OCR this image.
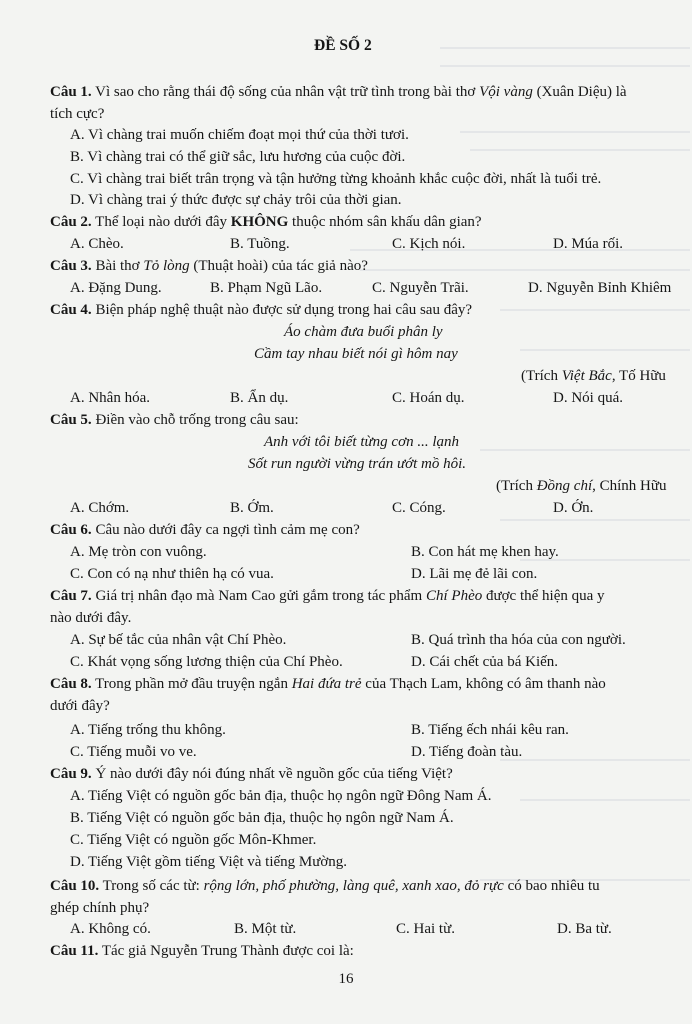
ĐỀ SỐ 2
Câu 1. Vì sao cho rằng thái độ sống của nhân vật trữ tình trong bài thơ Vội vàng (Xuân Diệu) là
tích cực?
A. Vì chàng trai muốn chiếm đoạt mọi thứ của thời tươi.
B. Vì chàng trai có thể giữ sắc, lưu hương của cuộc đời.
C. Vì chàng trai biết trân trọng và tận hưởng từng khoảnh khắc cuộc đời, nhất là tuổi trẻ.
D. Vì chàng trai ý thức được sự chảy trôi của thời gian.
Câu 2. Thể loại nào dưới đây KHÔNG thuộc nhóm sân khấu dân gian?
A. Chèo.	B. Tuồng.	C. Kịch nói.	D. Múa rối.
Câu 3. Bài thơ Tỏ lòng (Thuật hoài) của tác giả nào?
A. Đặng Dung.	B. Phạm Ngũ Lão.	C. Nguyễn Trãi.	D. Nguyễn Bỉnh Khiêm
Câu 4. Biện pháp nghệ thuật nào được sử dụng trong hai câu sau đây?
Áo chàm đưa buổi phân ly
Cầm tay nhau biết nói gì hôm nay
(Trích Việt Bắc, Tố Hữu
A. Nhân hóa.	B. Ẩn dụ.	C. Hoán dụ.	D. Nói quá.
Câu 5. Điền vào chỗ trống trong câu sau:
Anh với tôi biết từng cơn ... lạnh
Sốt run người vừng trán ướt mồ hôi.
(Trích Đồng chí, Chính Hữu
A. Chớm.	B. Ớm.	C. Cóng.	D. Ớn.
Câu 6. Câu nào dưới đây ca ngợi tình cảm mẹ con?
A. Mẹ tròn con vuông.	B. Con hát mẹ khen hay.
C. Con có nạ như thiên hạ có vua.	D. Lãi mẹ đẻ lãi con.
Câu 7. Giá trị nhân đạo mà Nam Cao gửi gắm trong tác phẩm Chí Phèo được thể hiện qua y
nào dưới đây.
A. Sự bế tắc của nhân vật Chí Phèo.	B. Quá trình tha hóa của con người.
C. Khát vọng sống lương thiện của Chí Phèo.	D. Cái chết của bá Kiến.
Câu 8. Trong phần mở đầu truyện ngắn Hai đứa trẻ của Thạch Lam, không có âm thanh nào
dưới đây?
A. Tiếng trống thu không.	B. Tiếng ếch nhái kêu ran.
C. Tiếng muỗi vo ve.	D. Tiếng đoàn tàu.
Câu 9. Ý nào dưới đây nói đúng nhất về nguồn gốc của tiếng Việt?
A. Tiếng Việt có nguồn gốc bản địa, thuộc họ ngôn ngữ Đông Nam Á.
B. Tiếng Việt có nguồn gốc bản địa, thuộc họ ngôn ngữ Nam Á.
C. Tiếng Việt có nguồn gốc Môn-Khmer.
D. Tiếng Việt gồm tiếng Việt và tiếng Mường.
Câu 10. Trong số các từ: rộng lớn, phố phường, làng quê, xanh xao, đỏ rực có bao nhiêu tu
ghép chính phụ?
A. Không có.	B. Một từ.	C. Hai từ.	D. Ba từ.
Câu 11. Tác giả Nguyễn Trung Thành được coi là:
16
